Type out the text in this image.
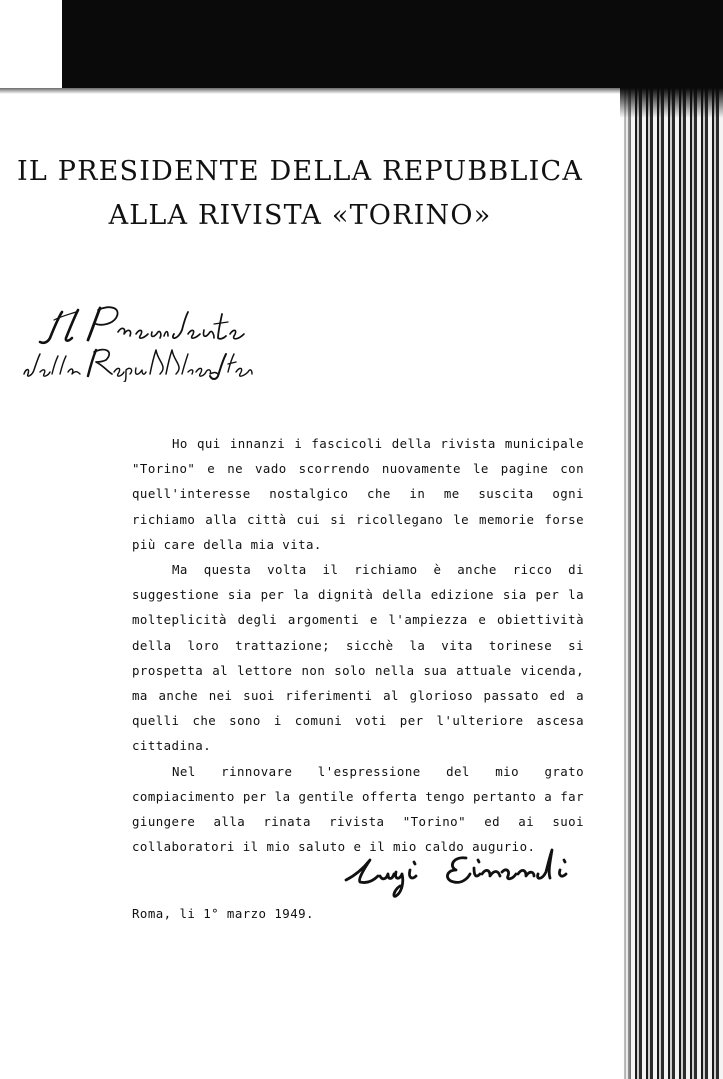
IL PRESIDENTE DELLA REPUBBLICA
ALLA RIVISTA «TORINO»

Ho qui innanzi i fascicoli della rivista municipale "Torino" e ne vado scorrendo nuovamente le pagine con quell'interesse nostalgico che in me suscita ogni richiamo alla città cui si ricollegano le memorie forse più care della mia vita.

Ma questa volta il richiamo è anche ricco di suggestione sia per la dignità della edizione sia per la molteplicità degli argomenti e l'ampiezza e obiettività della loro trattazione; sicchè la vita torinese si prospetta al lettore non solo nella sua attuale vicenda, ma anche nei suoi riferimenti al glorioso passato ed a quelli che sono i comuni voti per l'ulteriore ascesa cittadina.

Nel rinnovare l'espressione del mio grato compiacimento per la gentile offerta tengo pertanto a far giungere alla rinata rivista "Torino" ed ai suoi collaboratori il mio saluto e il mio caldo augurio.

Roma, li 1° marzo 1949.
